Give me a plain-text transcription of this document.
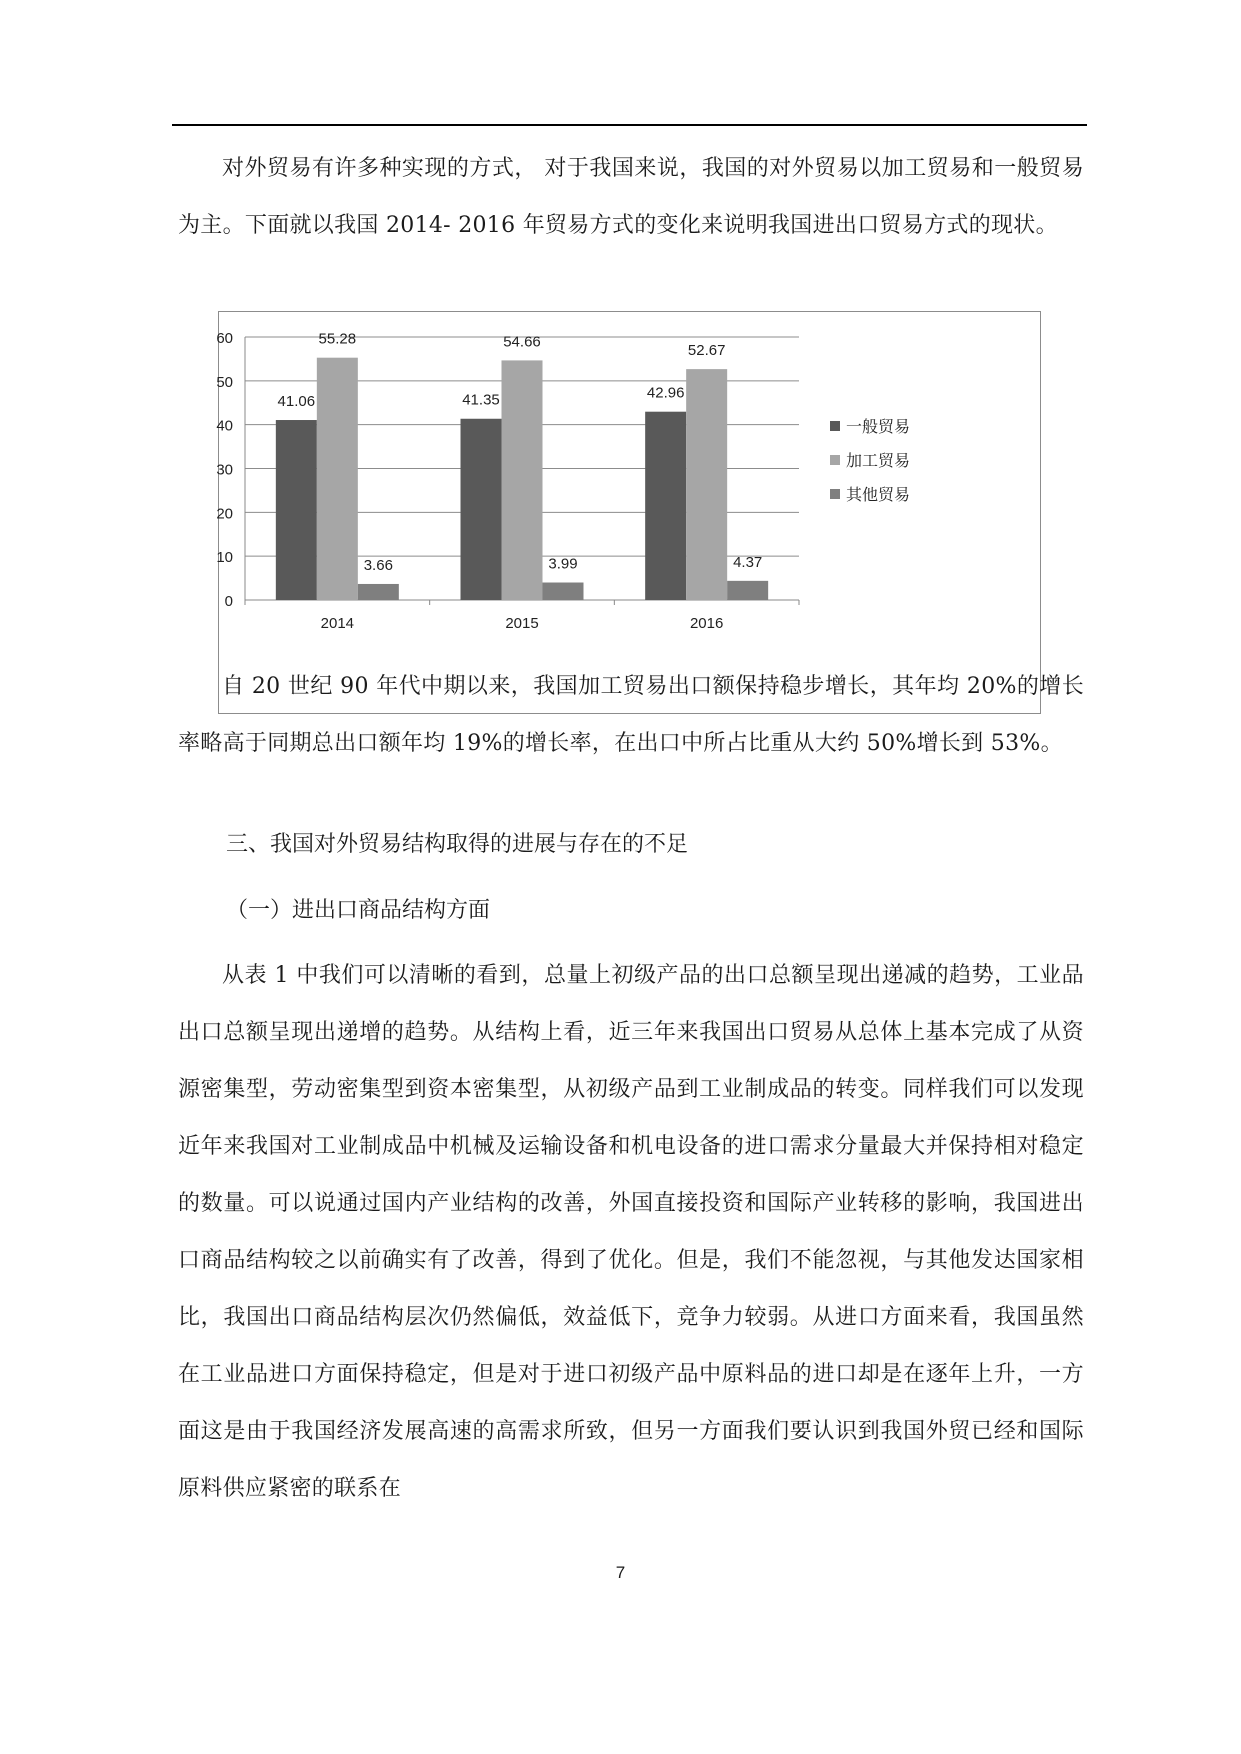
对外贸易有许多种实现的方式， 对于我国来说，我国的对外贸易以加工贸易和一般贸易为主。下面就以我国 2014- 2016 年贸易方式的变化来说明我国进出口贸易方式的现状。

0
10
20
30
40
50
60
2014	2015	2016
41.06	41.35	42.96
55.28	54.66
52.67
3.66	3.99	4.37
一般贸易
加工贸易
其他贸易

自 20 世纪 90 年代中期以来，我国加工贸易出口额保持稳步增长，其年均 20%的增长率略高于同期总出口额年均 19%的增长率，在出口中所占比重从大约 50%增长到 53%。

三、我国对外贸易结构取得的进展与存在的不足

（一）进出口商品结构方面

从表 1 中我们可以清晰的看到，总量上初级产品的出口总额呈现出递减的趋势，工业品出口总额呈现出递增的趋势。从结构上看，近三年来我国出口贸易从总体上基本完成了从资源密集型，劳动密集型到资本密集型，从初级产品到工业制成品的转变。同样我们可以发现近年来我国对工业制成品中机械及运输设备和机电设备的进口需求分量最大并保持相对稳定的数量。可以说通过国内产业结构的改善，外国直接投资和国际产业转移的影响，我国进出口商品结构较之以前确实有了改善，得到了优化。但是，我们不能忽视，与其他发达国家相比，我国出口商品结构层次仍然偏低，效益低下，竞争力较弱。从进口方面来看，我国虽然在工业品进口方面保持稳定，但是对于进口初级产品中原料品的进口却是在逐年上升，一方面这是由于我国经济发展高速的高需求所致，但另一方面我们要认识到我国外贸已经和国际原料供应紧密的联系在

7
